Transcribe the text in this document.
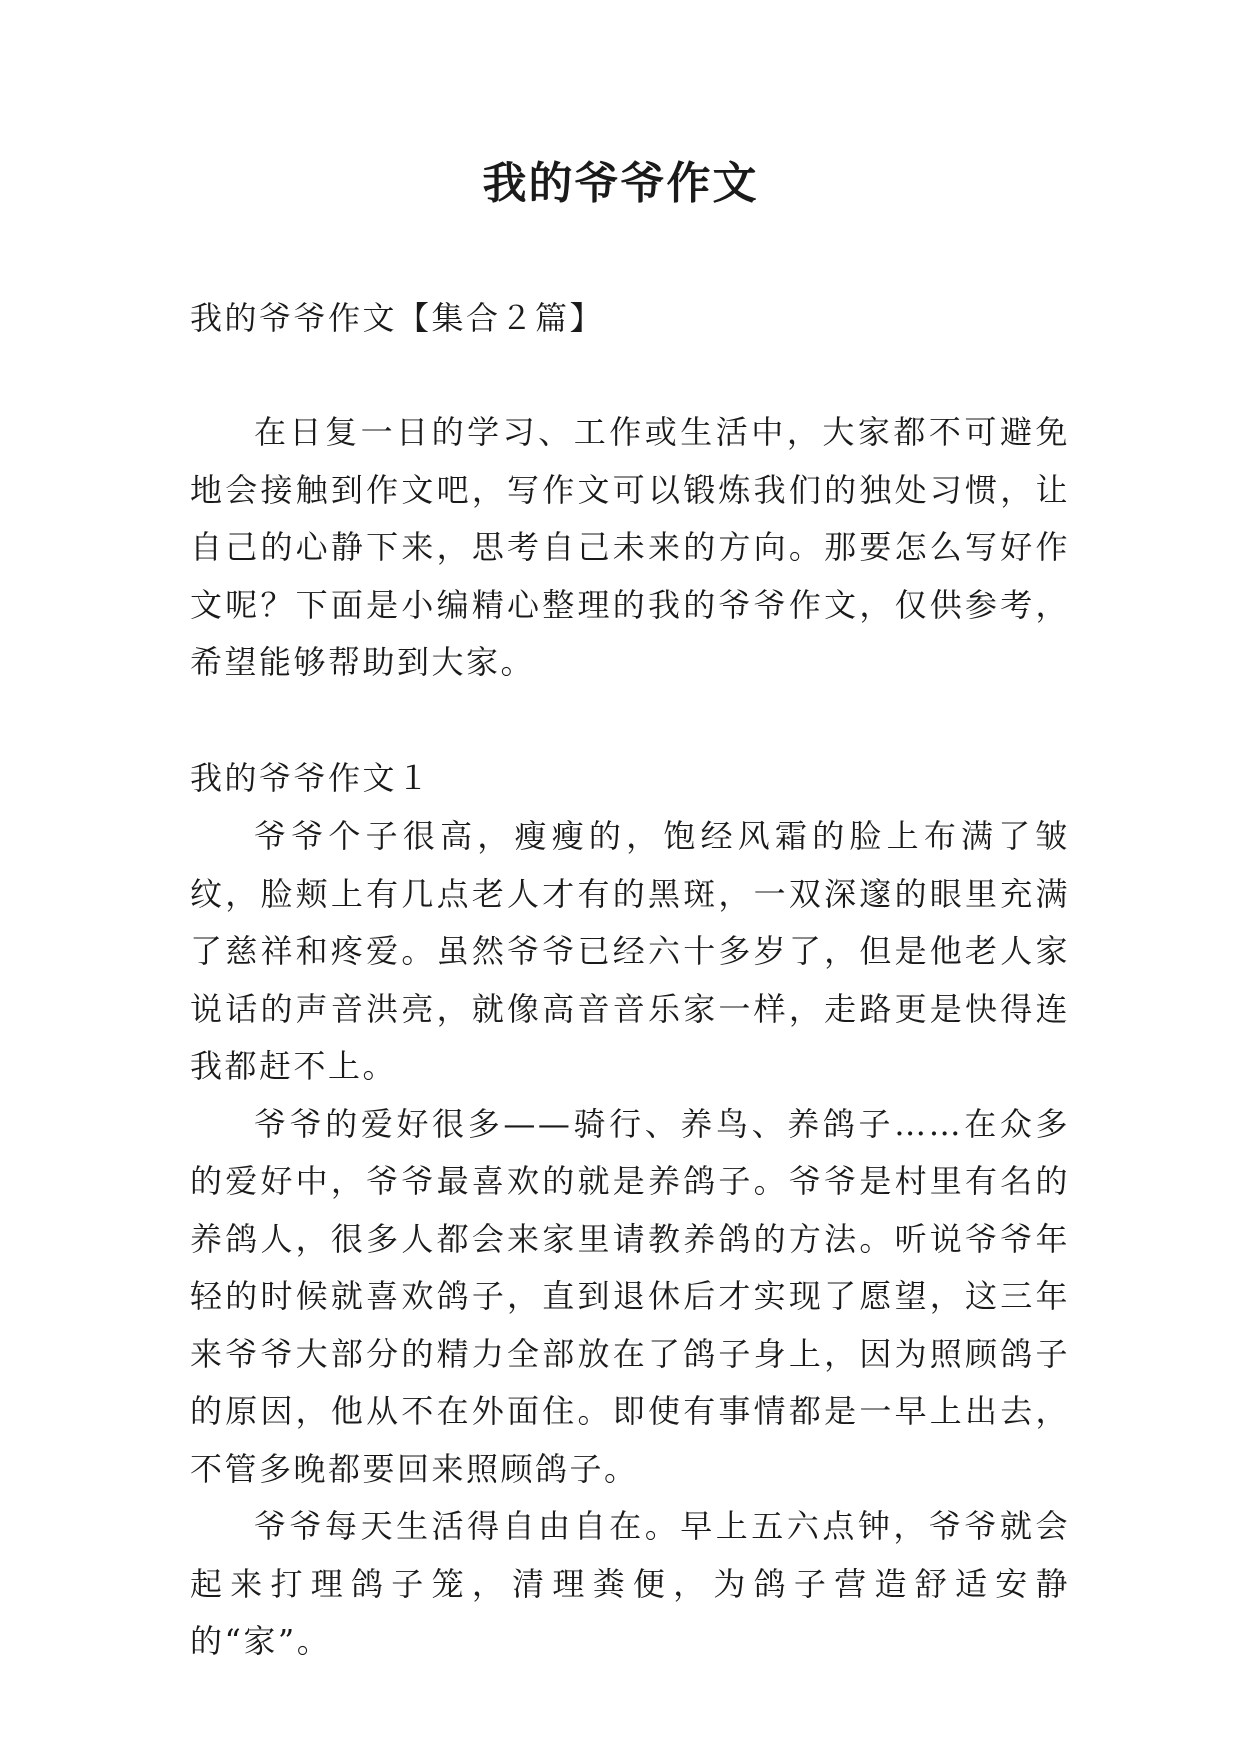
我的爷爷作文
我的爷爷作文【集合２篇】

在日复一日的学习、工作或生活中，大家都不可避免地会接触到作文吧，写作文可以锻炼我们的独处习惯，让自己的心静下来，思考自己未来的方向。那要怎么写好作文呢？下面是小编精心整理的我的爷爷作文，仅供参考，希望能够帮助到大家。

我的爷爷作文１

爷爷个子很高，瘦瘦的，饱经风霜的脸上布满了皱纹，脸颊上有几点老人才有的黑斑，一双深邃的眼里充满了慈祥和疼爱。虽然爷爷已经六十多岁了，但是他老人家说话的声音洪亮，就像高音音乐家一样，走路更是快得连我都赶不上。

爷爷的爱好很多——骑行、养鸟、养鸽子……在众多的爱好中，爷爷最喜欢的就是养鸽子。爷爷是村里有名的养鸽人，很多人都会来家里请教养鸽的方法。听说爷爷年轻的时候就喜欢鸽子，直到退休后才实现了愿望，这三年来爷爷大部分的精力全部放在了鸽子身上，因为照顾鸽子的原因，他从不在外面住。即使有事情都是一早上出去，不管多晚都要回来照顾鸽子。

爷爷每天生活得自由自在。早上五六点钟，爷爷就会起来打理鸽子笼，清理粪便，为鸽子营造舒适安静的“家”。
